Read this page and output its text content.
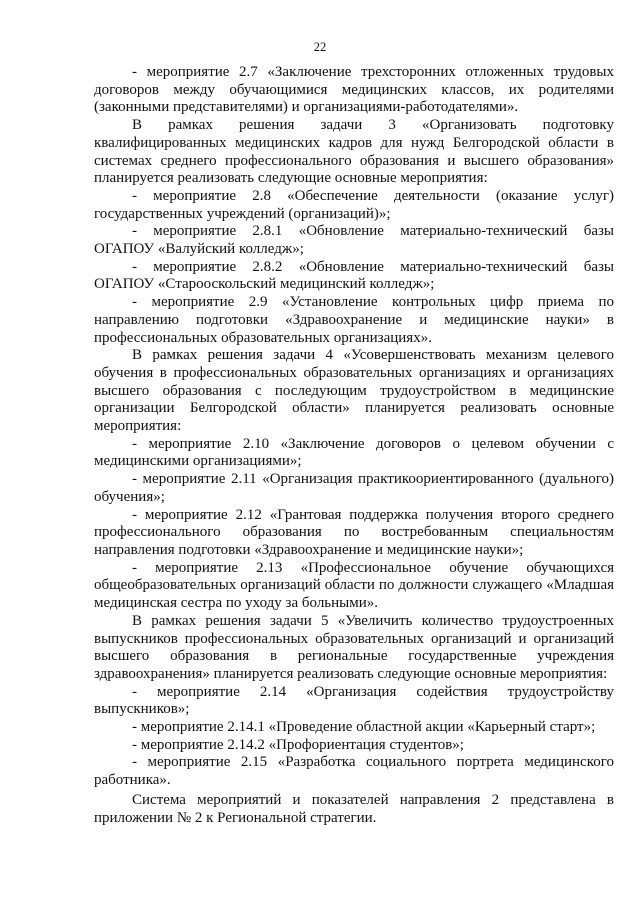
22

- мероприятие 2.7 «Заключение трехсторонних отложенных трудовых договоров между обучающимися медицинских классов, их родителями (законными представителями) и организациями-работодателями».

В рамках решения задачи 3 «Организовать подготовку квалифицированных медицинских кадров для нужд Белгородской области в системах среднего профессионального образования и высшего образования» планируется реализовать следующие основные мероприятия:

- мероприятие 2.8 «Обеспечение деятельности (оказание услуг) государственных учреждений (организаций)»;

- мероприятие 2.8.1 «Обновление материально-технический базы ОГАПОУ «Валуйский колледж»;

- мероприятие 2.8.2 «Обновление материально-технический базы ОГАПОУ «Старооскольский медицинский колледж»;

- мероприятие 2.9 «Установление контрольных цифр приема по направлению подготовки «Здравоохранение и медицинские науки» в профессиональных образовательных организациях».

В рамках решения задачи 4 «Усовершенствовать механизм целевого обучения в профессиональных образовательных организациях и организациях высшего образования с последующим трудоустройством в медицинские организации Белгородской области» планируется реализовать основные мероприятия:

- мероприятие 2.10 «Заключение договоров о целевом обучении с медицинскими организациями»;

- мероприятие 2.11 «Организация практикоориентированного (дуального) обучения»;

- мероприятие 2.12 «Грантовая поддержка получения второго среднего профессионального образования по востребованным специальностям направления подготовки «Здравоохранение и медицинские науки»;

- мероприятие 2.13 «Профессиональное обучение обучающихся общеобразовательных организаций области по должности служащего «Младшая медицинская сестра по уходу за больными».

В рамках решения задачи 5 «Увеличить количество трудоустроенных выпускников профессиональных образовательных организаций и организаций высшего образования в региональные государственные учреждения здравоохранения» планируется реализовать следующие основные мероприятия:

- мероприятие 2.14 «Организация содействия трудоустройству выпускников»;

- мероприятие 2.14.1 «Проведение областной акции «Карьерный старт»;

- мероприятие 2.14.2 «Профориентация студентов»;

- мероприятие 2.15 «Разработка социального портрета медицинского работника».

Система мероприятий и показателей направления 2 представлена в приложении № 2 к Региональной стратегии.
